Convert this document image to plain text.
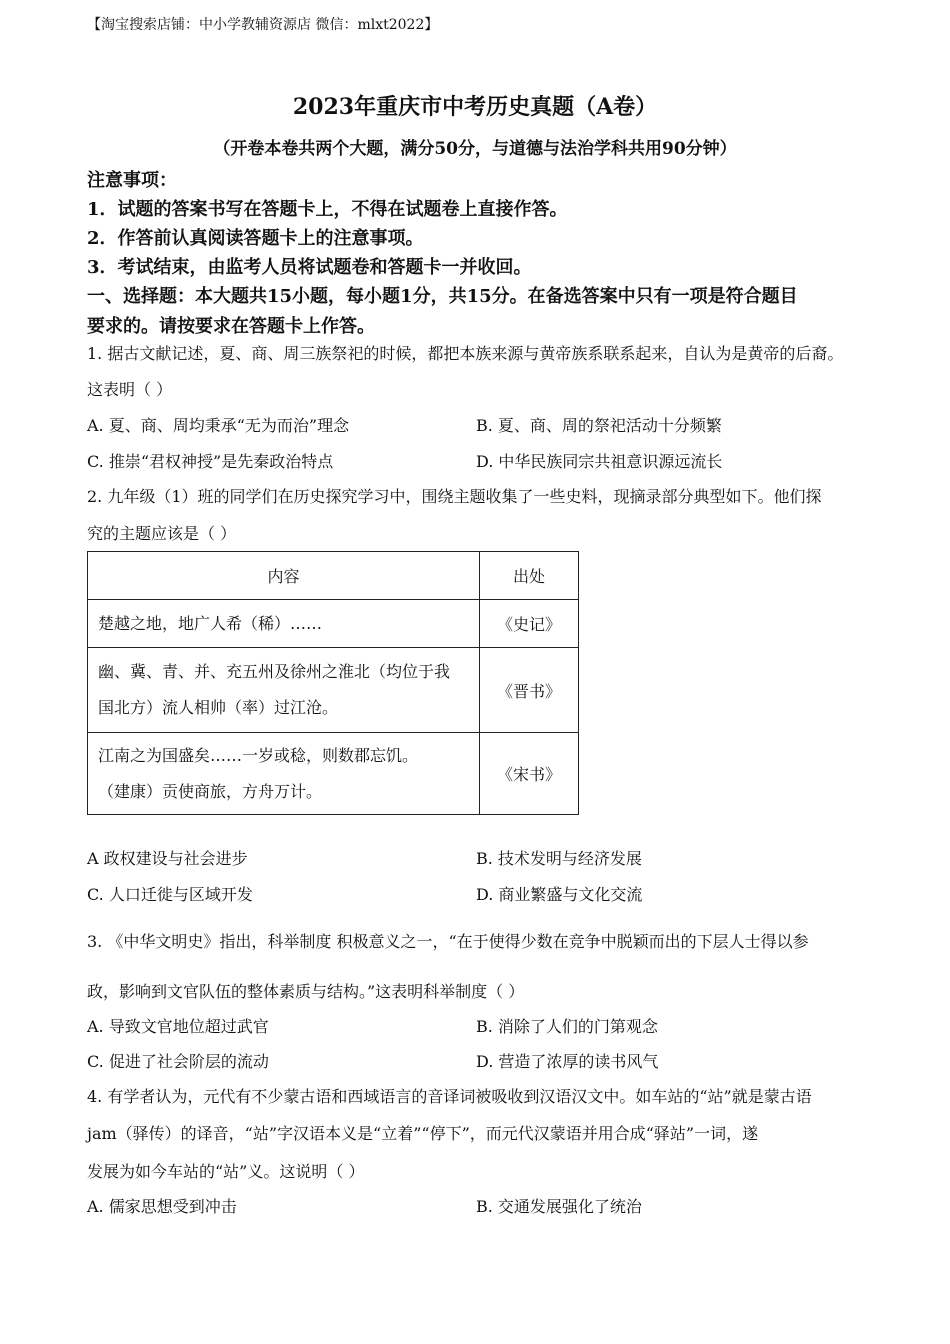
【淘宝搜索店铺：中小学教辅资源店 微信：mlxt2022】
2023年重庆市中考历史真题（A卷）
（开卷本卷共两个大题，满分50分，与道德与法治学科共用90分钟）
注意事项：
1．试题的答案书写在答题卡上，不得在试题卷上直接作答。
2．作答前认真阅读答题卡上的注意事项。
3．考试结束，由监考人员将试题卷和答题卡一并收回。
一、选择题：本大题共15小题，每小题1分，共15分。在备选答案中只有一项是符合题目
要求的。请按要求在答题卡上作答。
1. 据古文献记述，夏、商、周三族祭祀的时候，都把本族来源与黄帝族系联系起来，自认为是黄帝的后裔。
这表明（ ）
A. 夏、商、周均秉承“无为而治”理念	B. 夏、商、周的祭祀活动十分频繁
C. 推崇“君权神授”是先秦政治特点	D. 中华民族同宗共祖意识源远流长
2. 九年级（1）班的同学们在历史探究学习中，围绕主题收集了一些史料，现摘录部分典型如下。他们探
究的主题应该是（ ）
内容	出处

楚越之地，地广人希（稀）……	《史记》

幽、冀、青、并、充五州及徐州之淮北（均位于我
国北方）流人相帅（率）过江沧。	《晋书》

江南之为国盛矣……一岁或稔，则数郡忘饥。
（建康）贡使商旅，方舟万计。	《宋书》
A 政权建设与社会进步	B. 技术发明与经济发展
C. 人口迁徙与区域开发	D. 商业繁盛与文化交流
3. 《中华文明史》指出，科举制度 积极意义之一，“在于使得少数在竞争中脱颖而出的下层人士得以参
政，影响到文官队伍的整体素质与结构。”这表明科举制度（ ）
A. 导致文官地位超过武官	B. 消除了人们的门第观念
C. 促进了社会阶层的流动	D. 营造了浓厚的读书风气
4. 有学者认为，元代有不少蒙古语和西域语言的音译词被吸收到汉语汉文中。如车站的“站”就是蒙古语
jam（驿传）的译音，“站”字汉语本义是“立着”“停下”，而元代汉蒙语并用合成“驿站”一词，遂
发展为如今车站的“站”义。这说明（ ）
A. 儒家思想受到冲击	B. 交通发展强化了统治
